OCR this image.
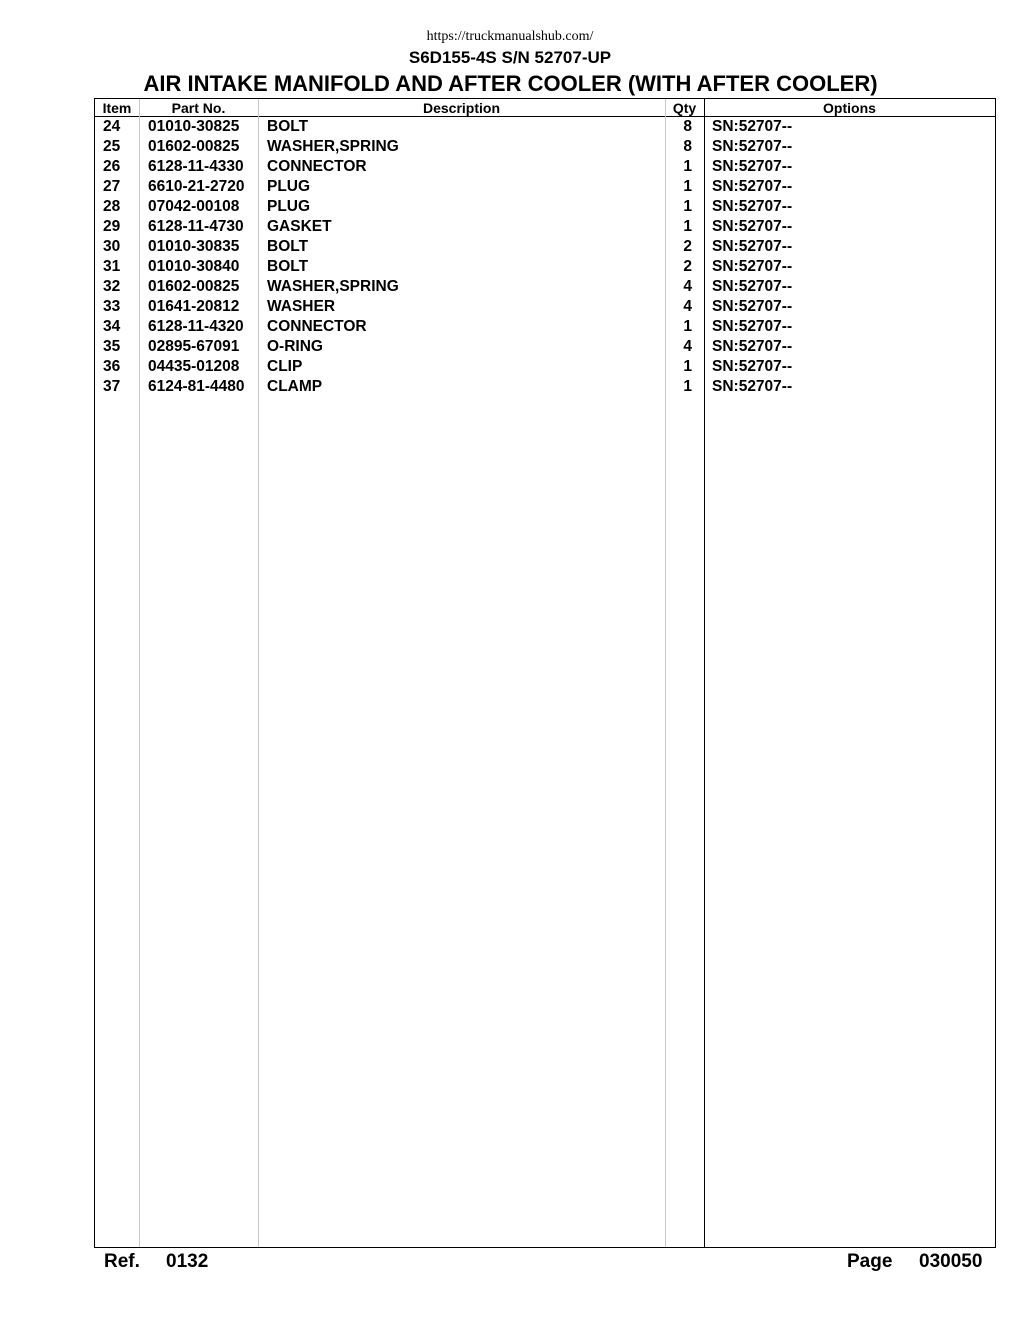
https://truckmanualshub.com/
S6D155-4S S/N 52707-UP
AIR INTAKE MANIFOLD AND AFTER COOLER (WITH AFTER COOLER)
Item	Part No.	Description	Qty	Options
24 01010-30825 BOLT	8 SN:52707--
25 01602-00825 WASHER,SPRING	8 SN:52707--
26 6128-11-4330 CONNECTOR	1 SN:52707--
27 6610-21-2720 PLUG	1 SN:52707--
28 07042-00108 PLUG	1 SN:52707--
29 6128-11-4730 GASKET	1 SN:52707--
30 01010-30835 BOLT	2 SN:52707--
31 01010-30840 BOLT	2 SN:52707--
32 01602-00825 WASHER,SPRING	4 SN:52707--
33 01641-20812 WASHER	4 SN:52707--
34 6128-11-4320 CONNECTOR	1 SN:52707--
35 02895-67091 O-RING	4 SN:52707--
36 04435-01208 CLIP	1 SN:52707--
37 6124-81-4480 CLAMP	1 SN:52707--
Ref. 0132	Page 030050
